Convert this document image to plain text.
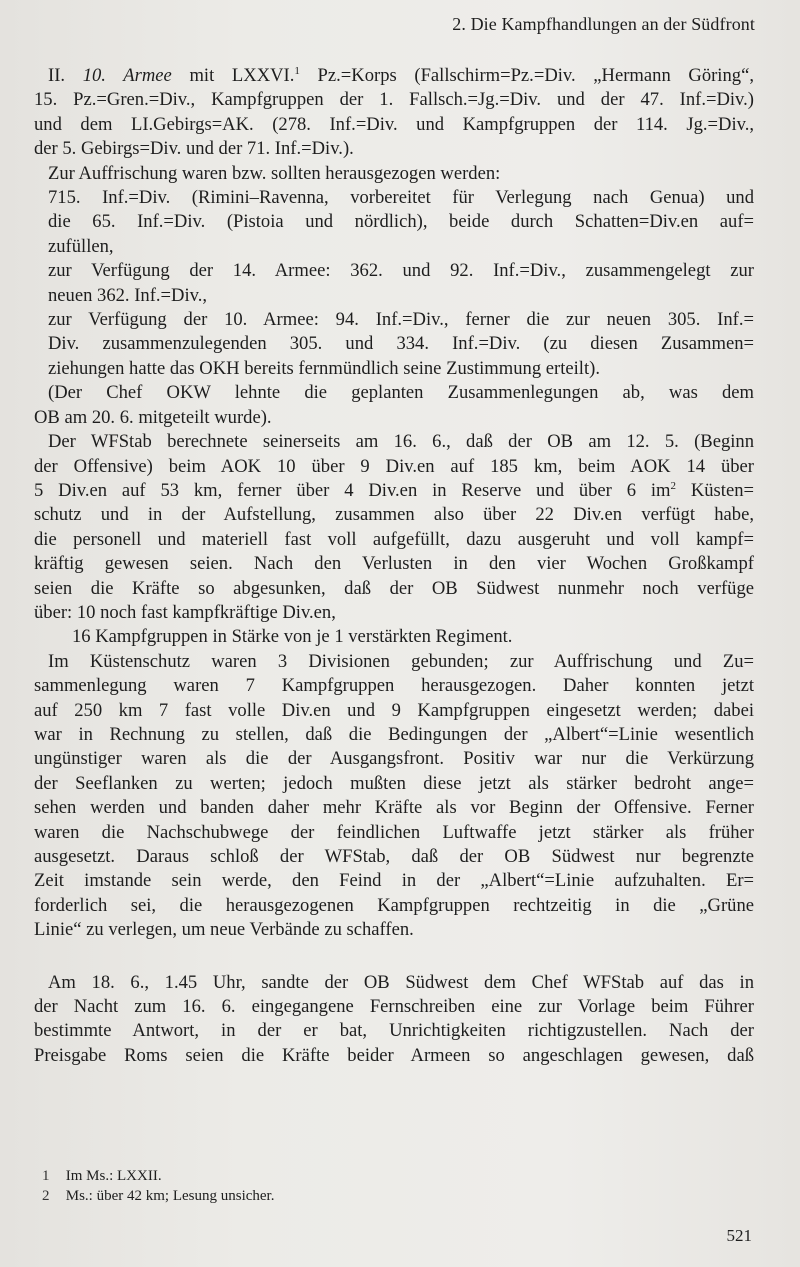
2. Die Kampfhandlungen an der Südfront
II. 10. Armee mit LXXVI.$^1$ Pz.=Korps (Fallschirm=Pz.=Div. „Hermann Göring“,
15. Pz.=Gren.=Div., Kampfgruppen der 1. Fallsch.=Jg.=Div. und der 47. Inf.=Div.)
und dem LI.Gebirgs=AK. (278. Inf.=Div. und Kampfgruppen der 114. Jg.=Div.,
der 5. Gebirgs=Div. und der 71. Inf.=Div.).
Zur Auffrischung waren bzw. sollten herausgezogen werden:
715. Inf.=Div. (Rimini–Ravenna, vorbereitet für Verlegung nach Genua) und
die 65. Inf.=Div. (Pistoia und nördlich), beide durch Schatten=Div.en auf=
zufüllen,
zur Verfügung der 14. Armee: 362. und 92. Inf.=Div., zusammengelegt zur
neuen 362. Inf.=Div.,
zur Verfügung der 10. Armee: 94. Inf.=Div., ferner die zur neuen 305. Inf.=
Div. zusammenzulegenden 305. und 334. Inf.=Div. (zu diesen Zusammen=
ziehungen hatte das OKH bereits fernmündlich seine Zustimmung erteilt).
(Der Chef OKW lehnte die geplanten Zusammenlegungen ab, was dem
OB am 20. 6. mitgeteilt wurde).
Der WFStab berechnete seinerseits am 16. 6., daß der OB am 12. 5. (Beginn
der Offensive) beim AOK 10 über 9 Div.en auf 185 km, beim AOK 14 über
5 Div.en auf 53 km, ferner über 4 Div.en in Reserve und über 6 $im^2$ Küsten=
schutz und in der Aufstellung, zusammen also über 22 Div.en verfügt habe,
die personell und materiell fast voll aufgefüllt, dazu ausgeruht und voll kampf=
kräftig gewesen seien. Nach den Verlusten in den vier Wochen Großkampf
seien die Kräfte so abgesunken, daß der OB Südwest nunmehr noch verfüge
über: 10 noch fast kampfkräftige Div.en,
16 Kampfgruppen in Stärke von je 1 verstärkten Regiment.
Im Küstenschutz waren 3 Divisionen gebunden; zur Auffrischung und Zu=
sammenlegung waren 7 Kampfgruppen herausgezogen. Daher konnten jetzt
auf 250 km 7 fast volle Div.en und 9 Kampfgruppen eingesetzt werden; dabei
war in Rechnung zu stellen, daß die Bedingungen der „Albert“=Linie wesentlich
ungünstiger waren als die der Ausgangsfront. Positiv war nur die Verkürzung
der Seeflanken zu werten; jedoch mußten diese jetzt als stärker bedroht ange=
sehen werden und banden daher mehr Kräfte als vor Beginn der Offensive. Ferner
waren die Nachschubwege der feindlichen Luftwaffe jetzt stärker als früher
ausgesetzt. Daraus schloß der WFStab, daß der OB Südwest nur begrenzte
Zeit imstande sein werde, den Feind in der „Albert“=Linie aufzuhalten. Er=
forderlich sei, die herausgezogenen Kampfgruppen rechtzeitig in die „Grüne
Linie“ zu verlegen, um neue Verbände zu schaffen.
Am 18. 6., 1.45 Uhr, sandte der OB Südwest dem Chef WFStab auf das in
der Nacht zum 16. 6. eingegangene Fernschreiben eine zur Vorlage beim Führer
bestimmte Antwort, in der er bat, Unrichtigkeiten richtigzustellen. Nach der
Preisgabe Roms seien die Kräfte beider Armeen so angeschlagen gewesen, daß
1 Im Ms.: LXXII.
2 Ms.: über 42 km; Lesung unsicher.
521
